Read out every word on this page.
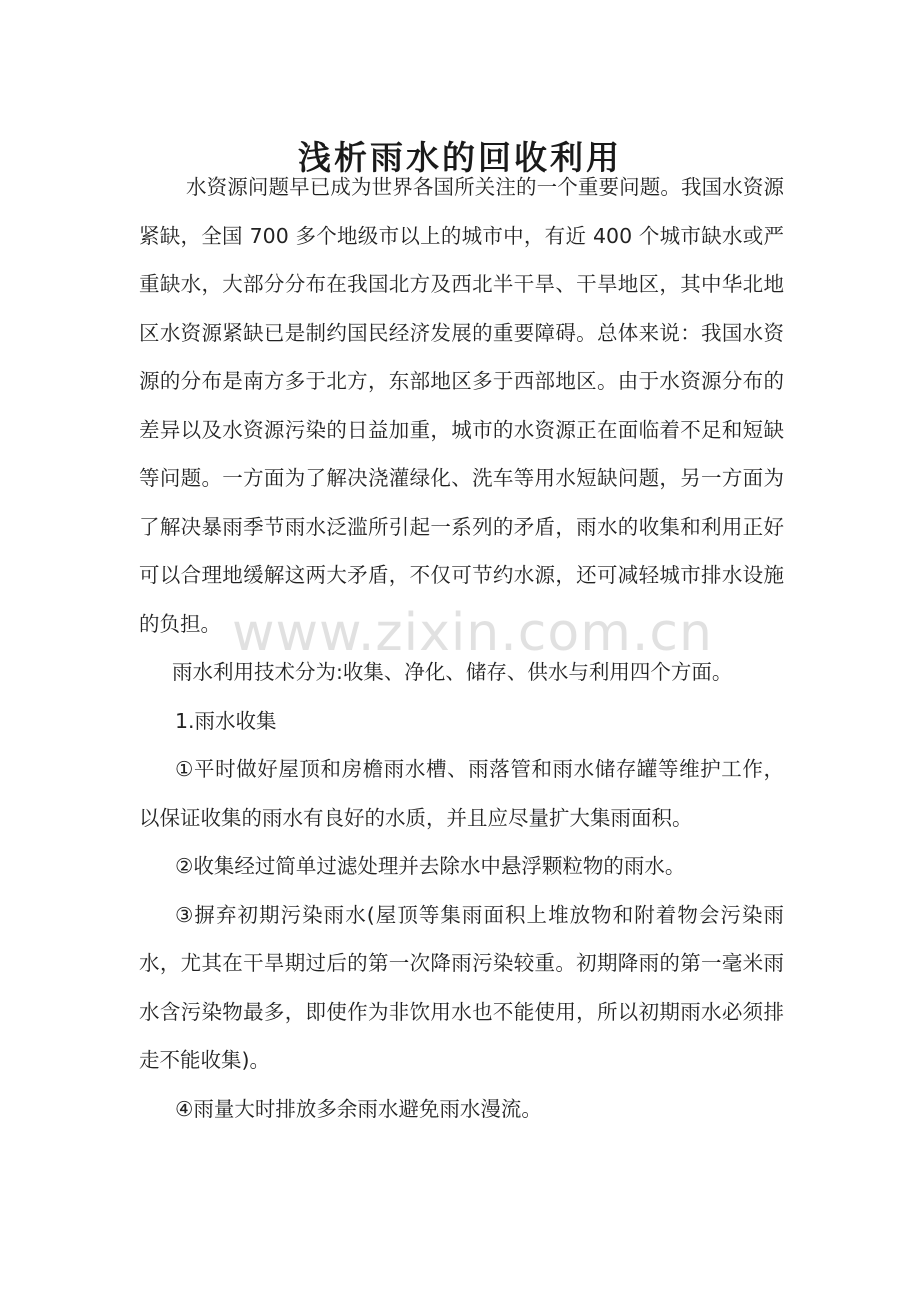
浅析雨水的回收利用

水资源问题早已成为世界各国所关注的一个重要问题。我国水资源紧缺，全国 700 多个地级市以上的城市中，有近 400 个城市缺水或严重缺水，大部分分布在我国北方及西北半干旱、干旱地区，其中华北地区水资源紧缺已是制约国民经济发展的重要障碍。总体来说：我国水资源的分布是南方多于北方，东部地区多于西部地区。由于水资源分布的差异以及水资源污染的日益加重，城市的水资源正在面临着不足和短缺等问题。一方面为了解决浇灌绿化、洗车等用水短缺问题，另一方面为了解决暴雨季节雨水泛滥所引起一系列的矛盾，雨水的收集和利用正好可以合理地缓解这两大矛盾，不仅可节约水源，还可减轻城市排水设施的负担。

雨水利用技术分为:收集、净化、储存、供水与利用四个方面。

1.雨水收集

①平时做好屋顶和房檐雨水槽、雨落管和雨水储存罐等维护工作，以保证收集的雨水有良好的水质，并且应尽量扩大集雨面积。

②收集经过简单过滤处理并去除水中悬浮颗粒物的雨水。

③摒弃初期污染雨水(屋顶等集雨面积上堆放物和附着物会污染雨水，尤其在干旱期过后的第一次降雨污染较重。初期降雨的第一毫米雨水含污染物最多，即使作为非饮用水也不能使用，所以初期雨水必须排走不能收集)。

④雨量大时排放多余雨水避免雨水漫流。

www.zixin.com.cn
